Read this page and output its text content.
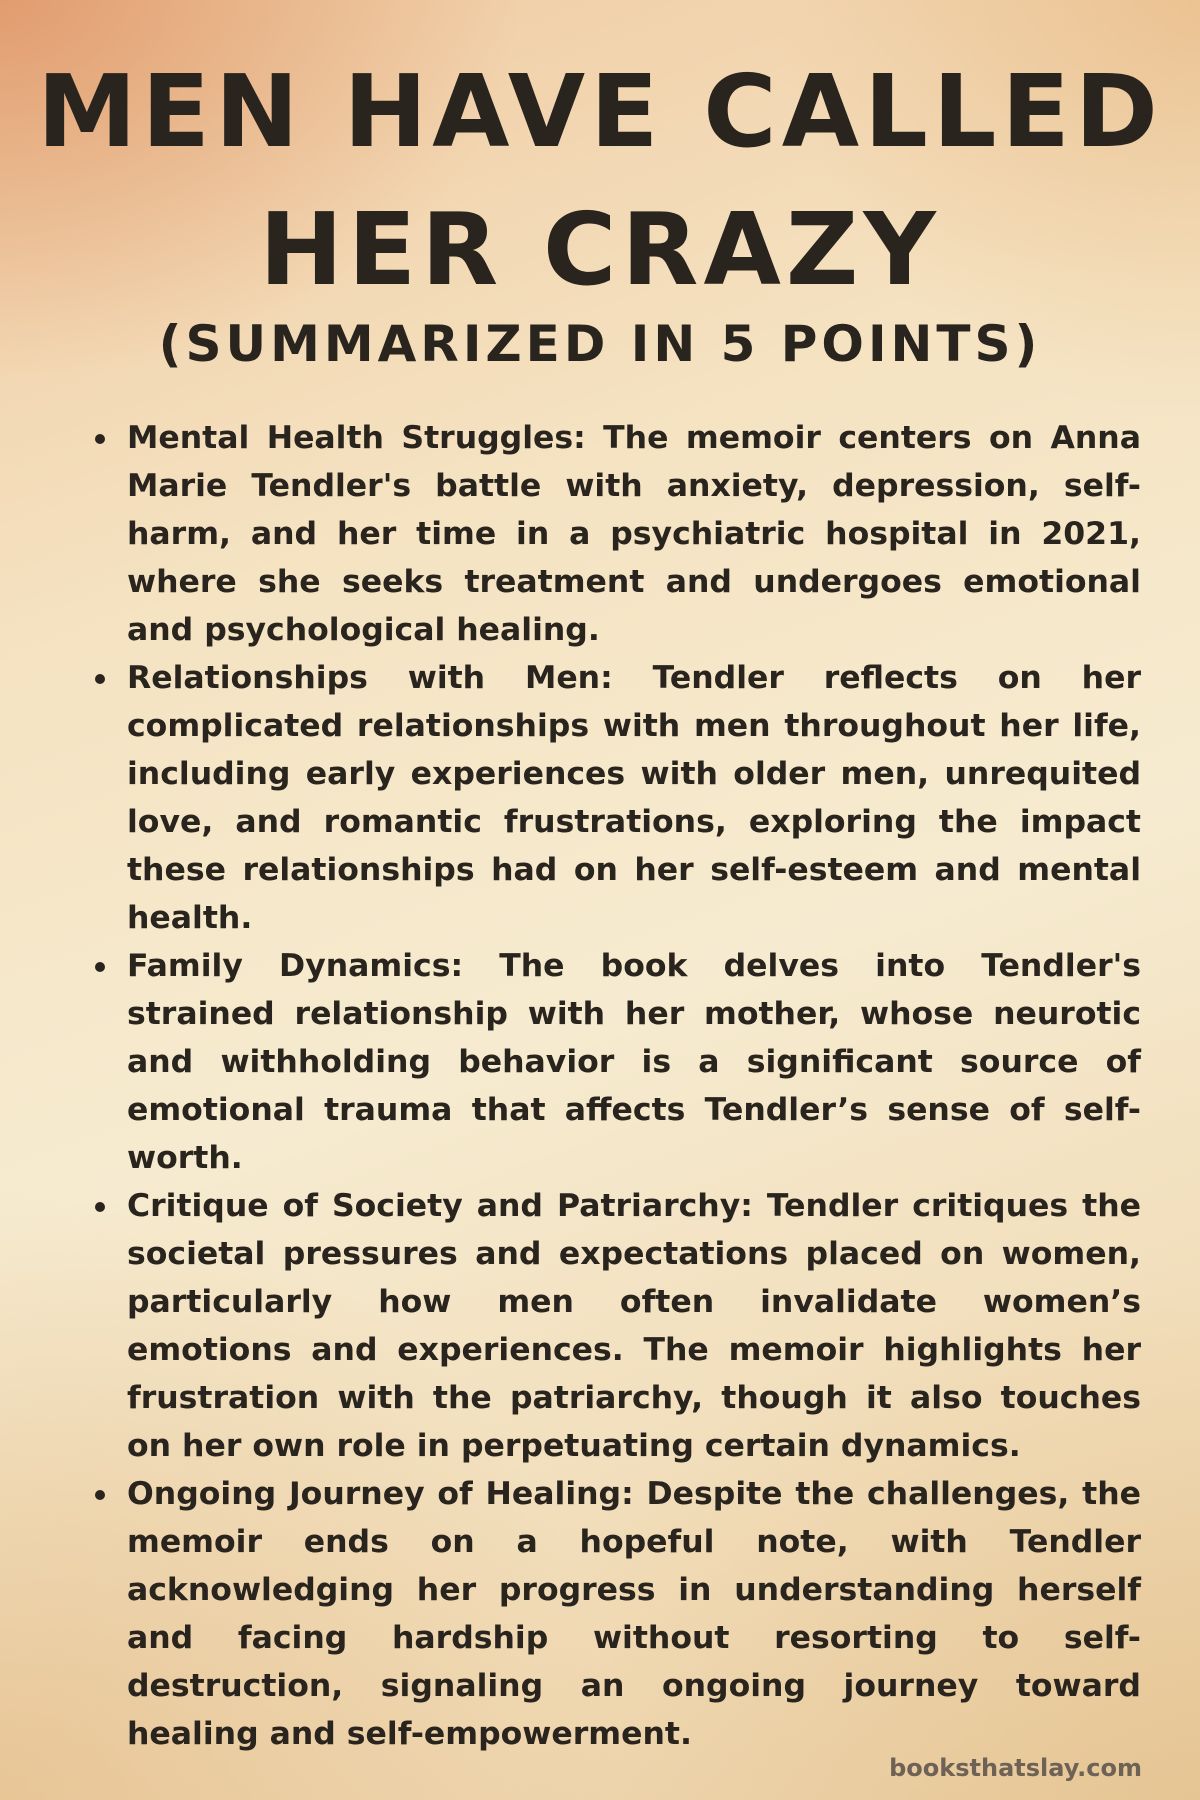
MEN HAVE CALLED
HER CRAZY
(SUMMARIZED IN 5 POINTS)
Mental Health Struggles: The memoir centers on Anna Marie Tendler's battle with anxiety, depression, self-harm, and her time in a psychiatric hospital in 2021, where she seeks treatment and undergoes emotional and psychological healing.
Relationships with Men: Tendler reflects on her complicated relationships with men throughout her life, including early experiences with older men, unrequited love, and romantic frustrations, exploring the impact these relationships had on her self-esteem and mental health.
Family Dynamics: The book delves into Tendler's strained relationship with her mother, whose neurotic and withholding behavior is a significant source of emotional trauma that affects Tendler’s sense of self-worth.
Critique of Society and Patriarchy: Tendler critiques the societal pressures and expectations placed on women, particularly how men often invalidate women’s emotions and experiences. The memoir highlights her frustration with the patriarchy, though it also touches on her own role in perpetuating certain dynamics.
Ongoing Journey of Healing: Despite the challenges, the memoir ends on a hopeful note, with Tendler acknowledging her progress in understanding herself and facing hardship without resorting to self-destruction, signaling an ongoing journey toward healing and self-empowerment.
booksthatslay.com
